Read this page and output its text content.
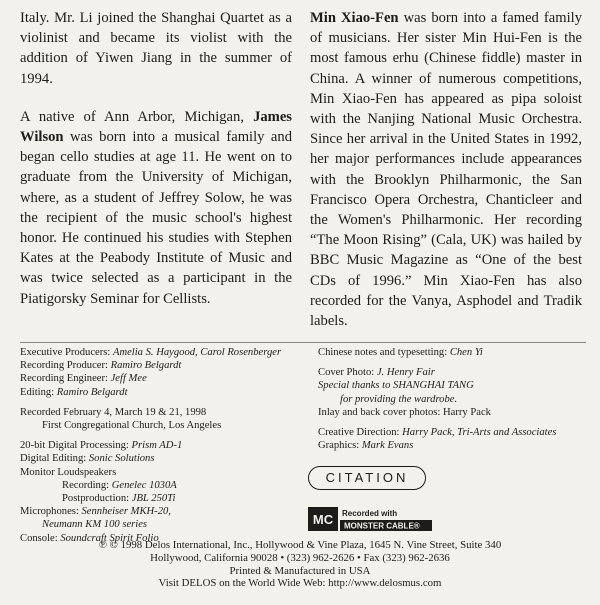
Italy. Mr. Li joined the Shanghai Quartet as a violinist and became its violist with the addition of Yiwen Jiang in the summer of 1994.

A native of Ann Arbor, Michigan, James Wilson was born into a musical family and began cello studies at age 11. He went on to graduate from the University of Michigan, where, as a student of Jeffrey Solow, he was the recipient of the music school's highest honor. He continued his studies with Stephen Kates at the Peabody Institute of Music and was twice selected as a participant in the Piatigorsky Seminar for Cellists.

Min Xiao-Fen was born into a famed family of musicians. Her sister Min Hui-Fen is the most famous erhu (Chinese fiddle) master in China. A winner of numerous competitions, Min Xiao-Fen has appeared as pipa soloist with the Nanjing National Music Orchestra. Since her arrival in the United States in 1992, her major performances include appearances with the Brooklyn Philharmonic, the San Francisco Opera Orchestra, Chanticleer and the Women's Philharmonic. Her recording “The Moon Rising” (Cala, UK) was hailed by BBC Music Magazine as “One of the best CDs of 1996.” Min Xiao-Fen has also recorded for the Vanya, Asphodel and Tradik labels.

Executive Producers: Amelia S. Haygood, Carol Rosenberger
Recording Producer: Ramiro Belgardt
Recording Engineer: Jeff Mee
Editing: Ramiro Belgardt
Recorded February 4, March 19 & 21, 1998
First Congregational Church, Los Angeles
20-bit Digital Processing: Prism AD-1
Digital Editing: Sonic Solutions
Monitor Loudspeakers
Recording: Genelec 1030A
Postproduction: JBL 250Ti
Microphones: Sennheiser MKH-20,
Neumann KM 100 series
Console: Soundcraft Spirit Folio
Chinese notes and typesetting: Chen Yi
Cover Photo: J. Henry Fair
Special thanks to SHANGHAI TANG
for providing the wardrobe.
Inlay and back cover photos: Harry Pack
Creative Direction: Harry Pack, Tri-Arts and Associates
Graphics: Mark Evans
CITATION
MC Recorded with
MONSTER CABLE®
℗ © 1998 Delos International, Inc., Hollywood & Vine Plaza, 1645 N. Vine Street, Suite 340
Hollywood, California 90028 • (323) 962-2626 • Fax (323) 962-2636
Printed & Manufactured in USA
Visit DELOS on the World Wide Web: http://www.delosmus.com
